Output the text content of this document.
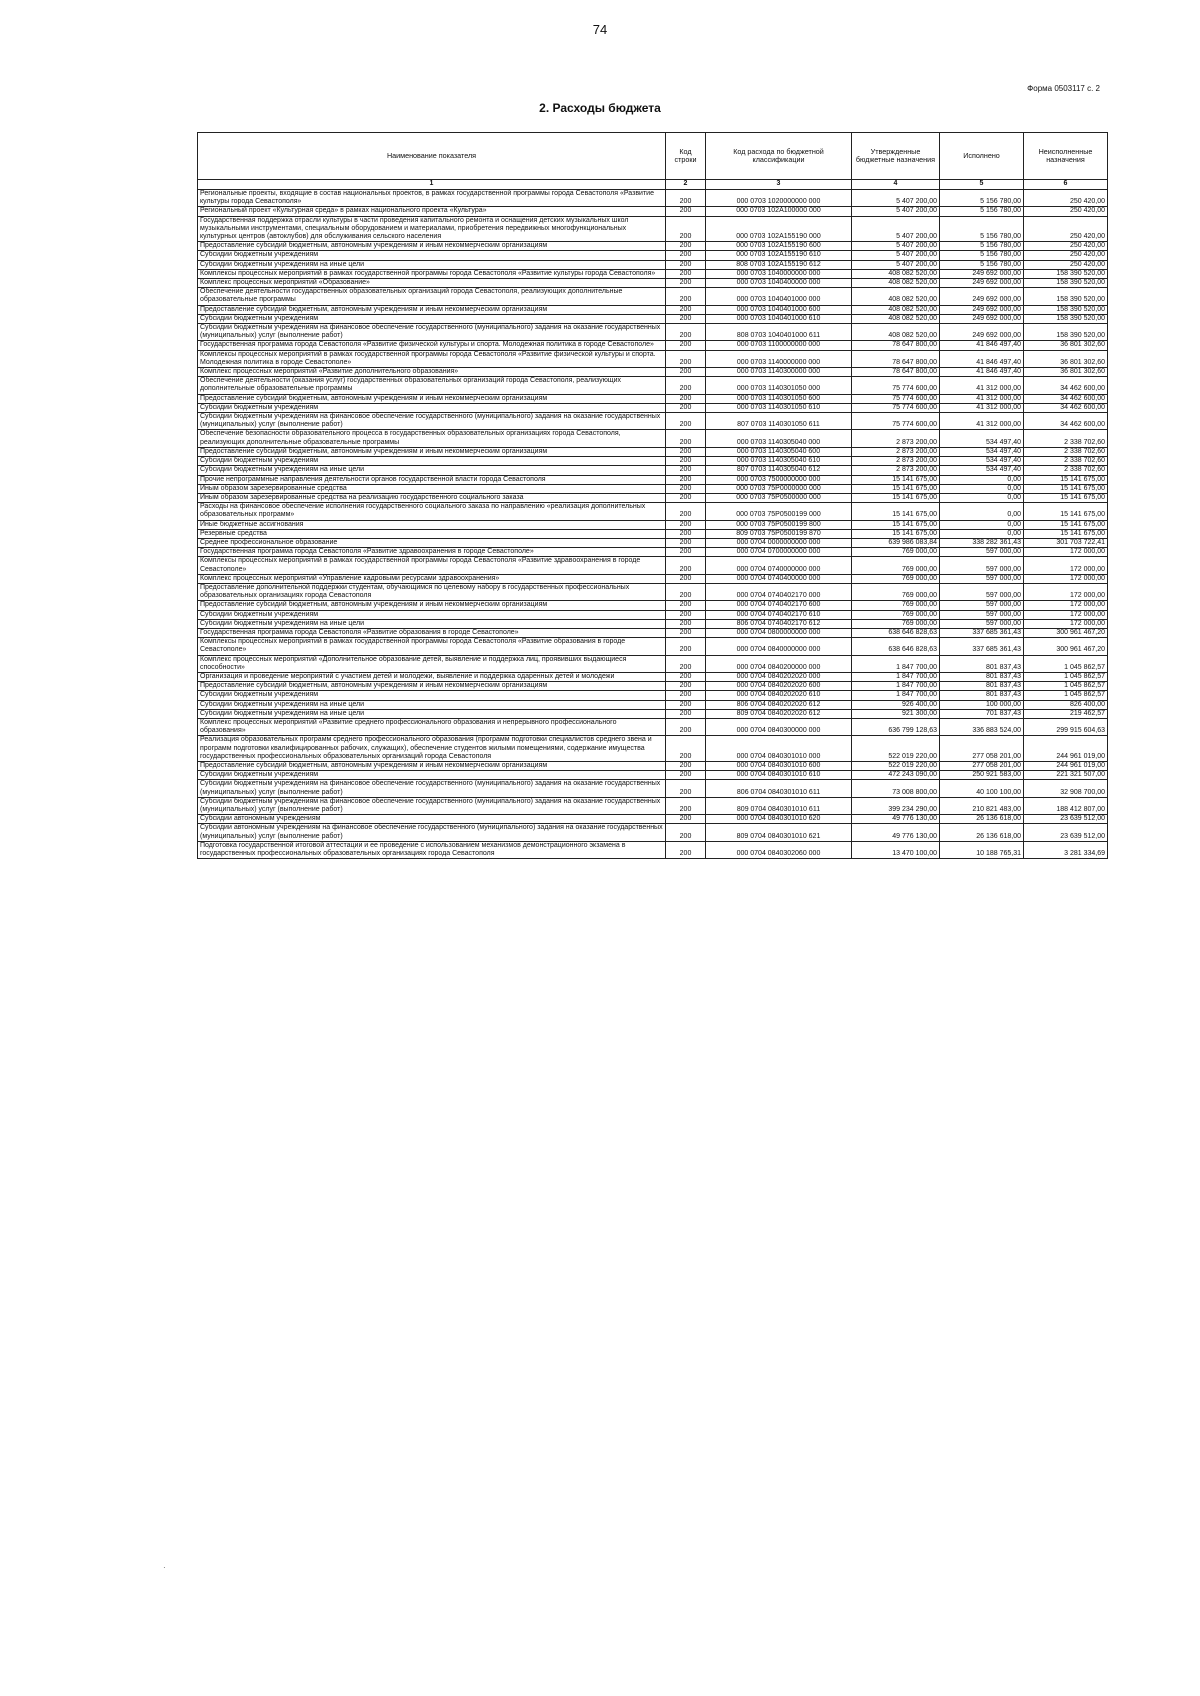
74
Форма 0503117 с. 2
2. Расходы бюджета
Наименование показателя	Код строки	Код расхода по бюджетной классификации	Утвержденные бюджетные назначения	Исполнено	Неисполненные назначения
1	2	3	4	5	6
Региональные проекты, входящие в состав национальных проектов, в рамках государственной программы города Севастополя «Развитие культуры города Севастополя»	200	000 0703 1020000000 000	5 407 200,00	5 156 780,00	250 420,00
Региональный проект «Культурная среда» в рамках национального проекта «Культура»	200	000 0703 102A100000 000	5 407 200,00	5 156 780,00	250 420,00
Государственная поддержка отрасли культуры в части проведения капитального ремонта и оснащения детских музыкальных школ музыкальными инструментами, специальным оборудованием и материалами, приобретения передвижных многофункциональных культурных центров (автоклубов) для обслуживания сельского населения	200	000 0703 102A155190 000	5 407 200,00	5 156 780,00	250 420,00
Предоставление субсидий бюджетным, автономным учреждениям и иным некоммерческим организациям	200	000 0703 102A155190 600	5 407 200,00	5 156 780,00	250 420,00
Субсидии бюджетным учреждениям	200	000 0703 102A155190 610	5 407 200,00	5 156 780,00	250 420,00
Субсидии бюджетным учреждениям на иные цели	200	808 0703 102A155190 612	5 407 200,00	5 156 780,00	250 420,00
Комплексы процессных мероприятий в рамках государственной программы города Севастополя «Развитие культуры города Севастополя»	200	000 0703 1040000000 000	408 082 520,00	249 692 000,00	158 390 520,00
Комплекс процессных мероприятий «Образование»	200	000 0703 1040400000 000	408 082 520,00	249 692 000,00	158 390 520,00
Обеспечение деятельности государственных образовательных организаций города Севастополя, реализующих дополнительные образовательные программы	200	000 0703 1040401000 000	408 082 520,00	249 692 000,00	158 390 520,00
Предоставление субсидий бюджетным, автономным учреждениям и иным некоммерческим организациям	200	000 0703 1040401000 600	408 082 520,00	249 692 000,00	158 390 520,00
Субсидии бюджетным учреждениям	200	000 0703 1040401000 610	408 082 520,00	249 692 000,00	158 390 520,00
Субсидии бюджетным учреждениям на финансовое обеспечение государственного (муниципального) задания на оказание государственных (муниципальных) услуг (выполнение работ)	200	808 0703 1040401000 611	408 082 520,00	249 692 000,00	158 390 520,00
Государственная программа города Севастополя «Развитие физической культуры и спорта. Молодежная политика в городе Севастополе»	200	000 0703 1100000000 000	78 647 800,00	41 846 497,40	36 801 302,60
Комплексы процессных мероприятий в рамках государственной программы города Севастополя «Развитие физической культуры и спорта. Молодежная политика в городе Севастополе»	200	000 0703 1140000000 000	78 647 800,00	41 846 497,40	36 801 302,60
Комплекс процессных мероприятий «Развитие дополнительного образования»	200	000 0703 1140300000 000	78 647 800,00	41 846 497,40	36 801 302,60
Обеспечение деятельности (оказания услуг) государственных образовательных организаций города Севастополя, реализующих дополнительные образовательные программы	200	000 0703 1140301050 000	75 774 600,00	41 312 000,00	34 462 600,00
Предоставление субсидий бюджетным, автономным учреждениям и иным некоммерческим организациям	200	000 0703 1140301050 600	75 774 600,00	41 312 000,00	34 462 600,00
Субсидии бюджетным учреждениям	200	000 0703 1140301050 610	75 774 600,00	41 312 000,00	34 462 600,00
Субсидии бюджетным учреждениям на финансовое обеспечение государственного (муниципального) задания на оказание государственных (муниципальных) услуг (выполнение работ)	200	807 0703 1140301050 611	75 774 600,00	41 312 000,00	34 462 600,00
Обеспечение безопасности образовательного процесса в государственных образовательных организациях города Севастополя, реализующих дополнительные образовательные программы	200	000 0703 1140305040 000	2 873 200,00	534 497,40	2 338 702,60
Предоставление субсидий бюджетным, автономным учреждениям и иным некоммерческим организациям	200	000 0703 1140305040 600	2 873 200,00	534 497,40	2 338 702,60
Субсидии бюджетным учреждениям	200	000 0703 1140305040 610	2 873 200,00	534 497,40	2 338 702,60
Субсидии бюджетным учреждениям на иные цели	200	807 0703 1140305040 612	2 873 200,00	534 497,40	2 338 702,60
Прочие непрограммные направления деятельности органов государственной власти города Севастополя	200	000 0703 7500000000 000	15 141 675,00	0,00	15 141 675,00
Иным образом зарезервированные средства	200	000 0703 75P0000000 000	15 141 675,00	0,00	15 141 675,00
Иным образом зарезервированные средства на реализацию государственного социального заказа	200	000 0703 75P0500000 000	15 141 675,00	0,00	15 141 675,00
Расходы на финансовое обеспечение исполнения государственного социального заказа по направлению «реализация дополнительных образовательных программ»	200	000 0703 75P0500199 000	15 141 675,00	0,00	15 141 675,00
Иные бюджетные ассигнования	200	000 0703 75P0500199 800	15 141 675,00	0,00	15 141 675,00
Резервные средства	200	809 0703 75P0500199 870	15 141 675,00	0,00	15 141 675,00
Среднее профессиональное образование	200	000 0704 0000000000 000	639 986 083,84	338 282 361,43	301 703 722,41
Государственная программа города Севастополя «Развитие здравоохранения в городе Севастополе»	200	000 0704 0700000000 000	769 000,00	597 000,00	172 000,00
Комплексы процессных мероприятий в рамках государственной программы города Севастополя «Развитие здравоохранения в городе Севастополе»	200	000 0704 0740000000 000	769 000,00	597 000,00	172 000,00
Комплекс процессных мероприятий «Управление кадровыми ресурсами здравоохранения»	200	000 0704 0740400000 000	769 000,00	597 000,00	172 000,00
Предоставление дополнительной поддержки студентам, обучающимся по целевому набору в государственных профессиональных образовательных организациях города Севастополя	200	000 0704 0740402170 000	769 000,00	597 000,00	172 000,00
Предоставление субсидий бюджетным, автономным учреждениям и иным некоммерческим организациям	200	000 0704 0740402170 600	769 000,00	597 000,00	172 000,00
Субсидии бюджетным учреждениям	200	000 0704 0740402170 610	769 000,00	597 000,00	172 000,00
Субсидии бюджетным учреждениям на иные цели	200	806 0704 0740402170 612	769 000,00	597 000,00	172 000,00
Государственная программа города Севастополя «Развитие образования в городе Севастополе»	200	000 0704 0800000000 000	638 646 828,63	337 685 361,43	300 961 467,20
Комплексы процессных мероприятий в рамках государственной программы города Севастополя «Развитие образования в городе Севастополе»	200	000 0704 0840000000 000	638 646 828,63	337 685 361,43	300 961 467,20
Комплекс процессных мероприятий «Дополнительное образование детей, выявление и поддержка лиц, проявивших выдающиеся способности»	200	000 0704 0840200000 000	1 847 700,00	801 837,43	1 045 862,57
Организация и проведение мероприятий с участием детей и молодежи, выявление и поддержка одаренных детей и молодежи	200	000 0704 0840202020 000	1 847 700,00	801 837,43	1 045 862,57
Предоставление субсидий бюджетным, автономным учреждениям и иным некоммерческим организациям	200	000 0704 0840202020 600	1 847 700,00	801 837,43	1 045 862,57
Субсидии бюджетным учреждениям	200	000 0704 0840202020 610	1 847 700,00	801 837,43	1 045 862,57
Субсидии бюджетным учреждениям на иные цели	200	806 0704 0840202020 612	926 400,00	100 000,00	826 400,00
Субсидии бюджетным учреждениям на иные цели	200	809 0704 0840202020 612	921 300,00	701 837,43	219 462,57
Комплекс процессных мероприятий «Развитие среднего профессионального образования и непрерывного профессионального образования»	200	000 0704 0840300000 000	636 799 128,63	336 883 524,00	299 915 604,63
Реализация образовательных программ среднего профессионального образования (программ подготовки специалистов среднего звена и программ подготовки квалифицированных рабочих, служащих), обеспечение студентов жилыми помещениями, содержание имущества государственных профессиональных образовательных организаций города Севастополя	200	000 0704 0840301010 000	522 019 220,00	277 058 201,00	244 961 019,00
Предоставление субсидий бюджетным, автономным учреждениям и иным некоммерческим организациям	200	000 0704 0840301010 600	522 019 220,00	277 058 201,00	244 961 019,00
Субсидии бюджетным учреждениям	200	000 0704 0840301010 610	472 243 090,00	250 921 583,00	221 321 507,00
Субсидии бюджетным учреждениям на финансовое обеспечение государственного (муниципального) задания на оказание государственных (муниципальных) услуг (выполнение работ)	200	806 0704 0840301010 611	73 008 800,00	40 100 100,00	32 908 700,00
Субсидии бюджетным учреждениям на финансовое обеспечение государственного (муниципального) задания на оказание государственных (муниципальных) услуг (выполнение работ)	200	809 0704 0840301010 611	399 234 290,00	210 821 483,00	188 412 807,00
Субсидии автономным учреждениям	200	000 0704 0840301010 620	49 776 130,00	26 136 618,00	23 639 512,00
Субсидии автономным учреждениям на финансовое обеспечение государственного (муниципального) задания на оказание государственных (муниципальных) услуг (выполнение работ)	200	809 0704 0840301010 621	49 776 130,00	26 136 618,00	23 639 512,00
Подготовка государственной итоговой аттестации и ее проведение с использованием механизмов демонстрационного экзамена в государственных профессиональных образовательных организациях города Севастополя	200	000 0704 0840302060 000	13 470 100,00	10 188 765,31	3 281 334,69
·
